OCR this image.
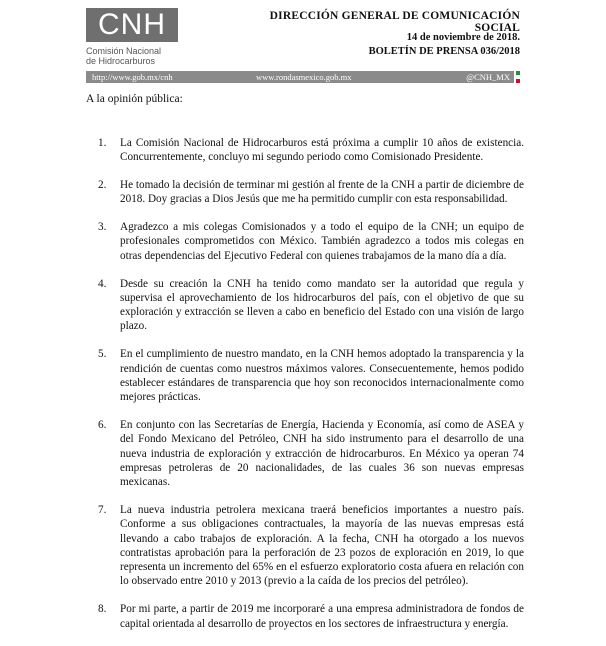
CNH
Comisión Nacional
de Hidrocarburos
DIRECCIÓN GENERAL DE COMUNICACIÓN SOCIAL
14 de noviembre de 2018.
BOLETÍN DE PRENSA 036/2018
http://www.gob.mx/cnh	www.rondasmexico.gob.mx	@CNH_MX
A la opinión pública:
1. La Comisión Nacional de Hidrocarburos está próxima a cumplir 10 años de existencia. Concurrentemente, concluyo mi segundo periodo como Comisionado Presidente.
2. He tomado la decisión de terminar mi gestión al frente de la CNH a partir de diciembre de 2018. Doy gracias a Dios Jesús que me ha permitido cumplir con esta responsabilidad.
3. Agradezco a mis colegas Comisionados y a todo el equipo de la CNH; un equipo de profesionales comprometidos con México. También agradezco a todos mis colegas en otras dependencias del Ejecutivo Federal con quienes trabajamos de la mano día a día.
4. Desde su creación la CNH ha tenido como mandato ser la autoridad que regula y supervisa el aprovechamiento de los hidrocarburos del país, con el objetivo de que su exploración y extracción se lleven a cabo en beneficio del Estado con una visión de largo plazo.
5. En el cumplimiento de nuestro mandato, en la CNH hemos adoptado la transparencia y la rendición de cuentas como nuestros máximos valores. Consecuentemente, hemos podido establecer estándares de transparencia que hoy son reconocidos internacionalmente como mejores prácticas.
6. En conjunto con las Secretarías de Energía, Hacienda y Economía, así como de ASEA y del Fondo Mexicano del Petróleo, CNH ha sido instrumento para el desarrollo de una nueva industria de exploración y extracción de hidrocarburos. En México ya operan 74 empresas petroleras de 20 nacionalidades, de las cuales 36 son nuevas empresas mexicanas.
7. La nueva industria petrolera mexicana traerá beneficios importantes a nuestro país. Conforme a sus obligaciones contractuales, la mayoría de las nuevas empresas está llevando a cabo trabajos de exploración. A la fecha, CNH ha otorgado a los nuevos contratistas aprobación para la perforación de 23 pozos de exploración en 2019, lo que representa un incremento del 65% en el esfuerzo exploratorio costa afuera en relación con lo observado entre 2010 y 2013 (previo a la caída de los precios del petróleo).
8. Por mi parte, a partir de 2019 me incorporaré a una empresa administradora de fondos de capital orientada al desarrollo de proyectos en los sectores de infraestructura y energía.
